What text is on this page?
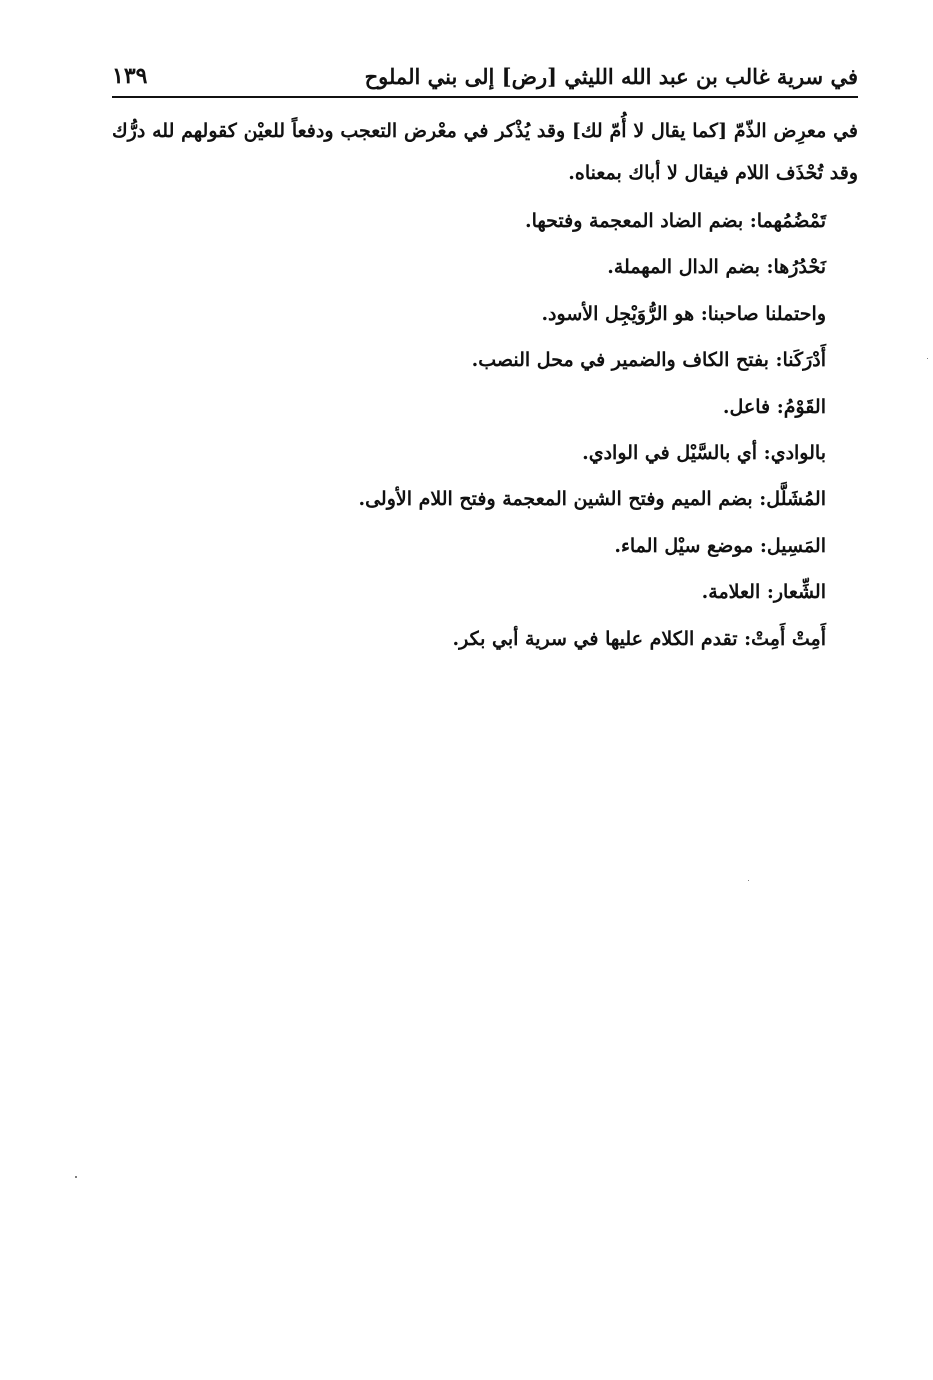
في سرية غالب بن عبد الله الليثي [رض] إلى بني الملوح
١٣٩

في معرِض الذّمّ [كما يقال لا أُمّ لك] وقد يُذْكر في معْرض التعجب ودفعاً للعيْن كقولهم لله درُّك وقد تُحْذَف اللام فيقال لا أباك بمعناه.

تَمْضُمُهما: بضم الضاد المعجمة وفتحها.
نَحْدُرُها: بضم الدال المهملة.
واحتملنا صاحبنا: هو الرُّوَيْجِل الأسود.
أَدْرَكَنا: بفتح الكاف والضمير في محل النصب.
القَوْمُ: فاعل.
بالوادي: أي بالسَّيْل في الوادي.
المُشَلَّل: بضم الميم وفتح الشين المعجمة وفتح اللام الأولى.
المَسِيل: موضع سيْل الماء.
الشِّعار: العلامة.
أَمِتْ أَمِتْ: تقدم الكلام عليها في سرية أبي بكر.
